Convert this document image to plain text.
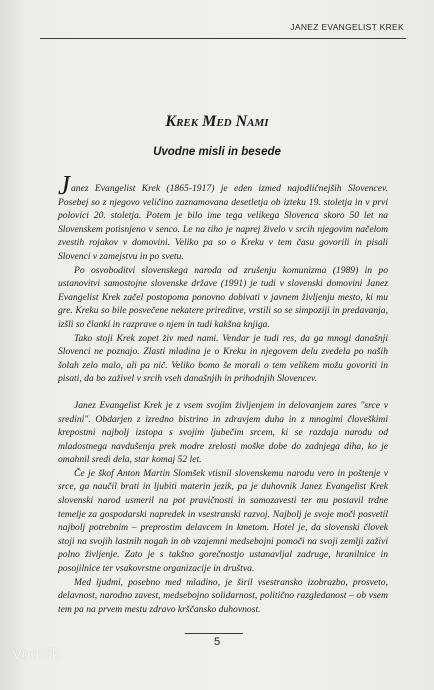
JANEZ EVANGELIST KREK
Krek Med Nami
Uvodne misli in besede

Janez Evangelist Krek (1865-1917) je eden izmed najodličnejših Slovencev. Posebej so z njegovo veličino zaznamovana desetletja ob izteku 19. stoletja in v prvi polovici 20. stoletja. Potem je bilo ime tega velikega Slovenca skoro 50 let na Slovenskem potisnjeno v senco. Le na tiho je naprej živelo v srcih njegovim načelom zvestih rojakov v domovini. Veliko pa so o Kreku v tem času govorili in pisali Slovenci v zamejstvu in po svetu.

Po osvoboditvi slovenskega naroda od zrušenju komunizma (1989) in po ustanovitvi samostojne slovenske države (1991) je tudi v slovenski domovini Janez Evangelist Krek začel postopoma ponovno dobivati v javnem življenju mesto, ki mu gre. Kreku so bile posvečene nekatere prireditve, vrstili so se simpoziji in predavanja, izšli so članki in razprave o njem in tudi kakšna knjiga.

Tako stoji Krek zopet živ med nami. Vendar je tudi res, da ga mnogi današnji Slovenci ne poznajo. Zlasti mladina je o Kreku in njegovem delu zvedela po naših šolah zelo malo, ali pa nič. Veliko bomo še morali o tem velikem možu govoriti in pisati, da bo zaživel v srcih vseh današnjih in prihodnjih Slovencev.

Janez Evangelist Krek je z vsem svojim življenjem in delovanjem zares "srce v sredini". Obdarjen z izredno bistrino in zdravjem duha in z mnogimi človeškimi krepostmi najbolj izstopa s svojim ljubečim srcem, ki se razdaja narodu od mladostnega navdušenja prek modre zrelosti moške dobe do zadnjega diha, ko je omahnil sredi dela, star komaj 52 let.

Če je škof Anton Martin Slomšek vtisnil slovenskemu narodu vero in poštenje v srce, ga naučil brati in ljubiti materin jezik, pa je duhovnik Janez Evangelist Krek slovenski narod usmeril na pot pravičnosti in samozavesti ter mu postavil trdne temelje za gospodarski napredek in vsestranski razvoj. Najbolj je svoje moči posvetil najbolj potrebnim – preprostim delavcem in kmetom. Hotel je, da slovenski človek stoji na svojih lastnih nogah in ob vzajemni medsebojni pomoči na svoji zemlji zaživi polno življenje. Zato je s takšno gorečnostjo ustanavljal zadruge, hranilnice in posojilnice ter vsakovrstne organizacije in društva.

Med ljudmi, posebno med mladino, je širil vsestransko izobrazbo, prosveto, delavnost, narodno zavest, medsebojno solidarnost, politično razgledanost – ob vsem tem pa na prvem mestu zdravo krščansko duhovnost.

5
Vodnik
